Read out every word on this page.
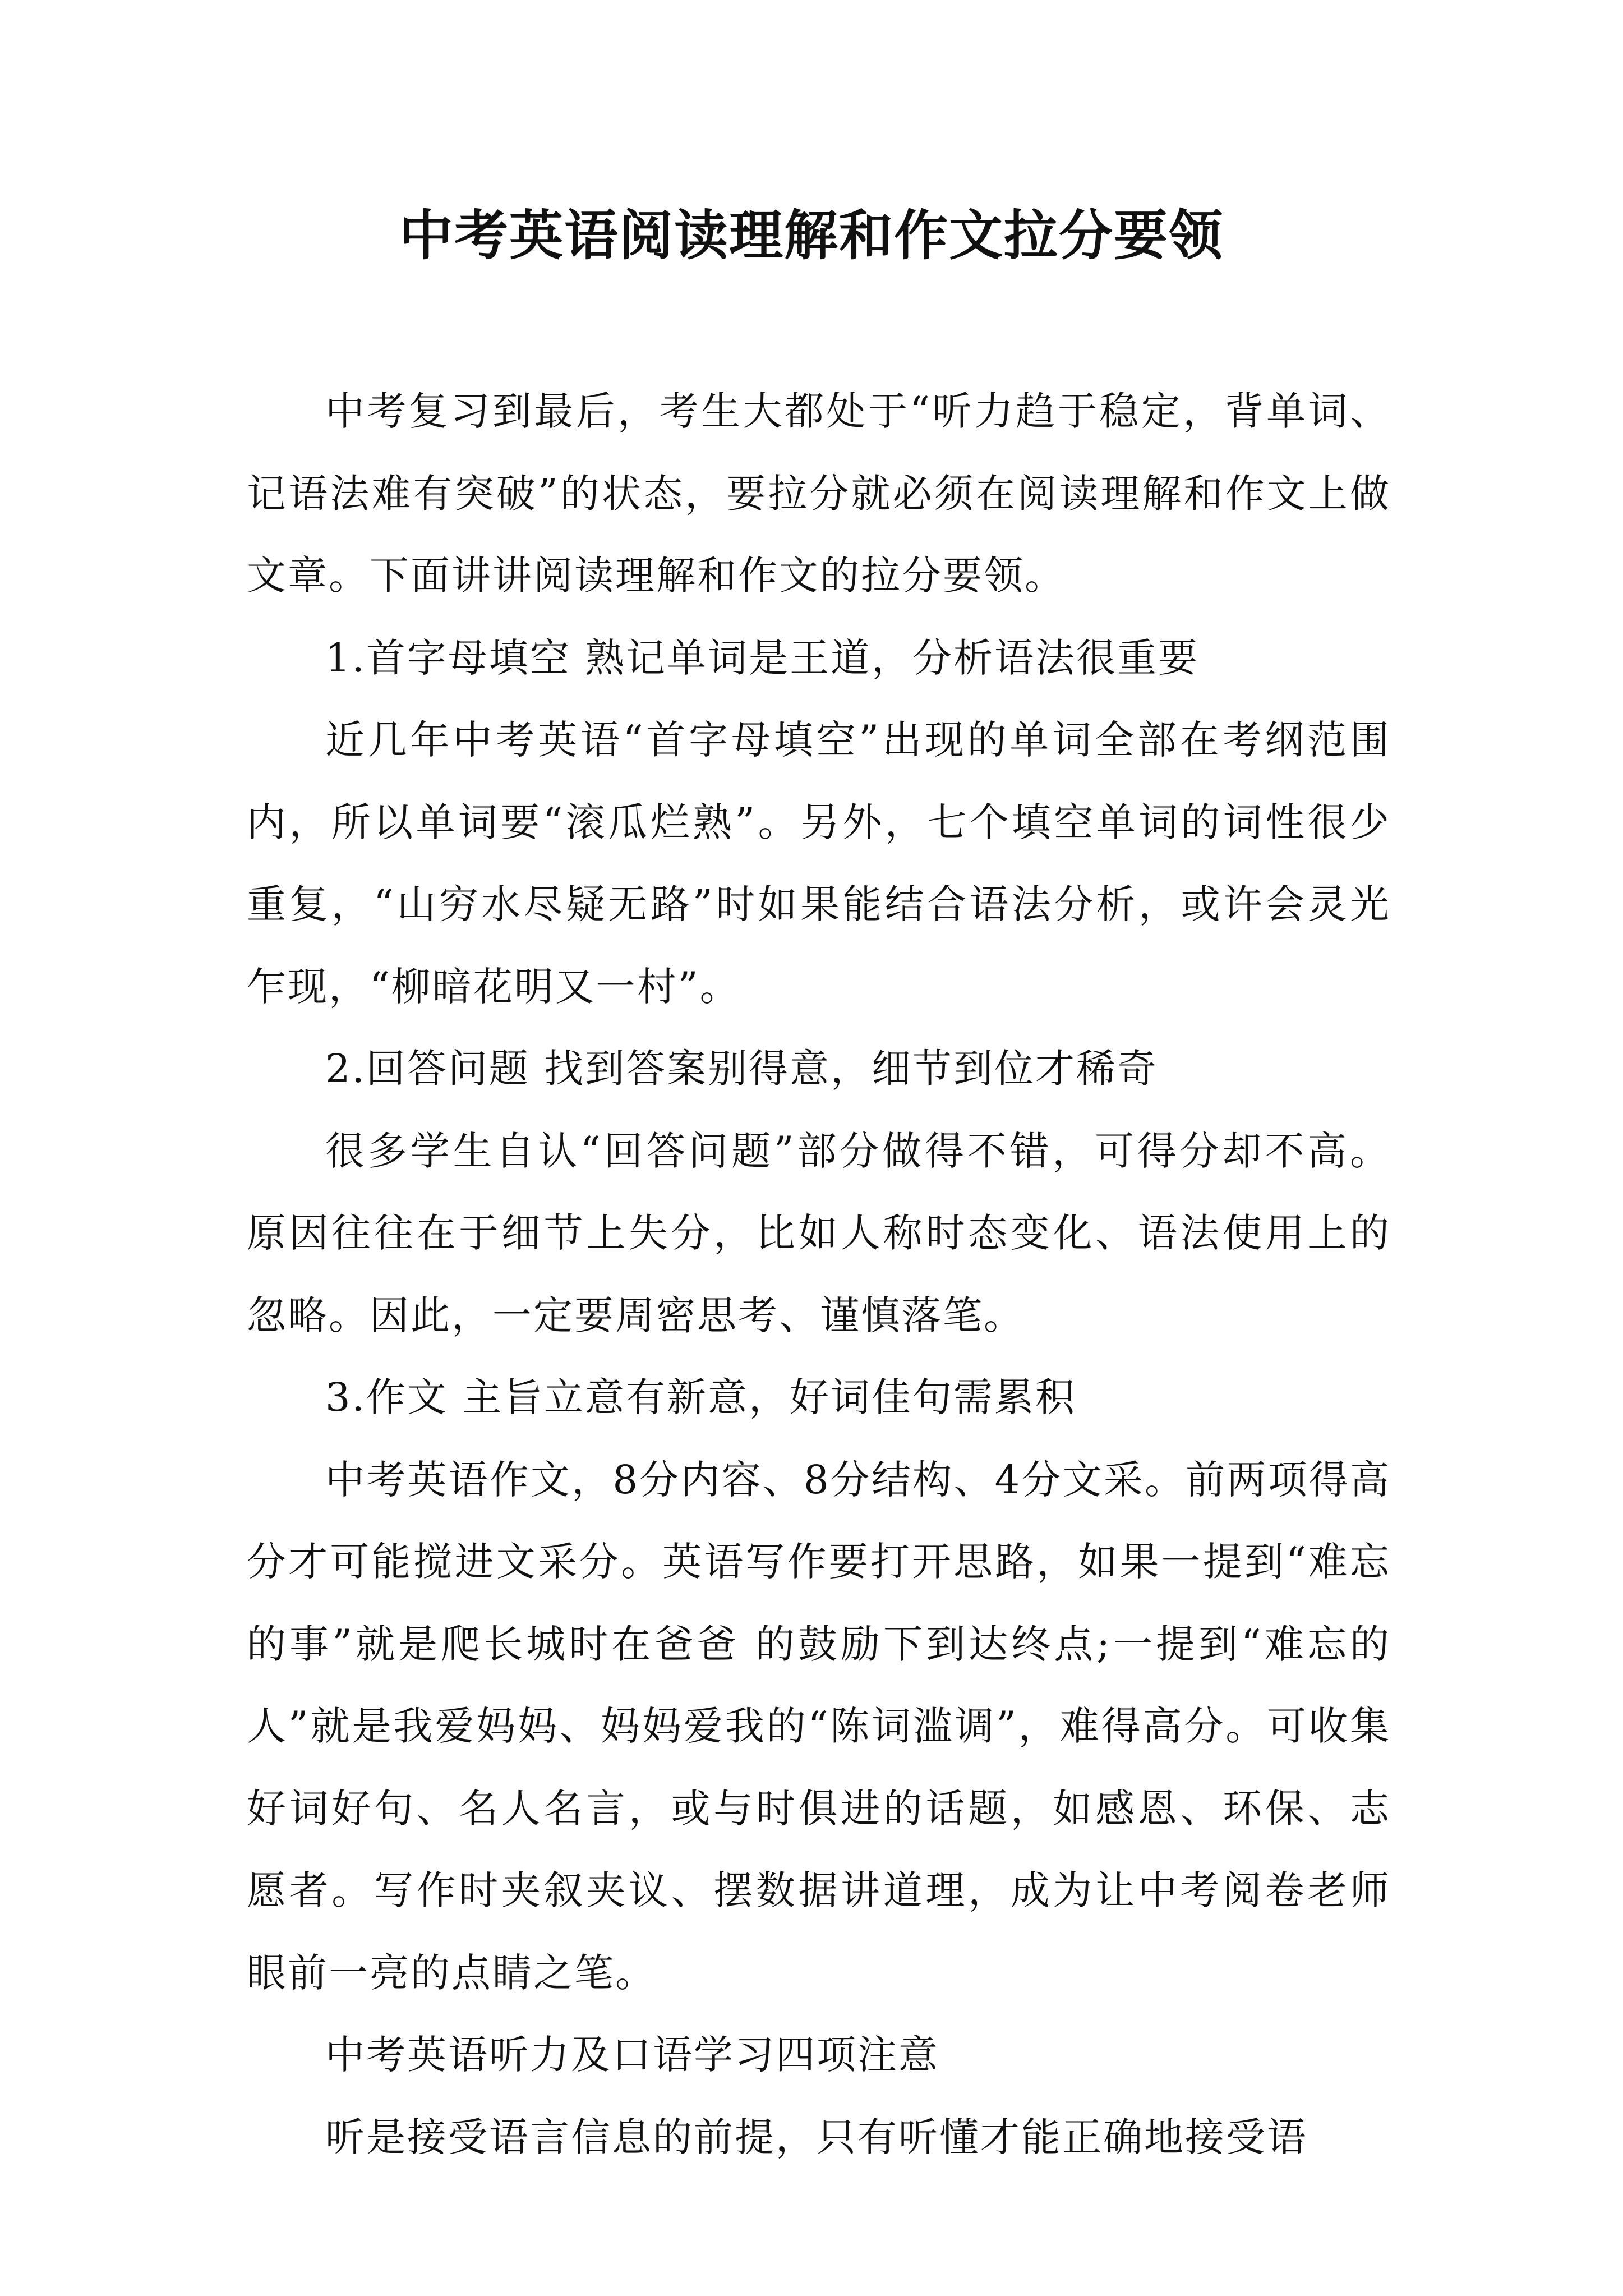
中考英语阅读理解和作文拉分要领

中考复习到最后，考生大都处于“听力趋于稳定，背单词、记语法难有突破”的状态，要拉分就必须在阅读理解和作文上做文章。下面讲讲阅读理解和作文的拉分要领。

1.首字母填空 熟记单词是王道，分析语法很重要

近几年中考英语“首字母填空”出现的单词全部在考纲范围内，所以单词要“滚瓜烂熟”。另外，七个填空单词的词性很少重复，“山穷水尽疑无路”时如果能结合语法分析，或许会灵光乍现，“柳暗花明又一村”。

2.回答问题 找到答案别得意，细节到位才稀奇

很多学生自认“回答问题”部分做得不错，可得分却不高。原因往往在于细节上失分，比如人称时态变化、语法使用上的忽略。因此，一定要周密思考、谨慎落笔。

3.作文 主旨立意有新意，好词佳句需累积

中考英语作文，8分内容、8分结构、4分文采。前两项得高分才可能搅进文采分。英语写作要打开思路，如果一提到“难忘的事”就是爬长城时在爸爸 的鼓励下到达终点;一提到“难忘的人”就是我爱妈妈、妈妈爱我的“陈词滥调”，难得高分。可收集好词好句、名人名言，或与时俱进的话题，如感恩、环保、志 愿者。写作时夹叙夹议、摆数据讲道理，成为让中考阅卷老师眼前一亮的点睛之笔。

中考英语听力及口语学习四项注意

听是接受语言信息的前提，只有听懂才能正确地接受语
